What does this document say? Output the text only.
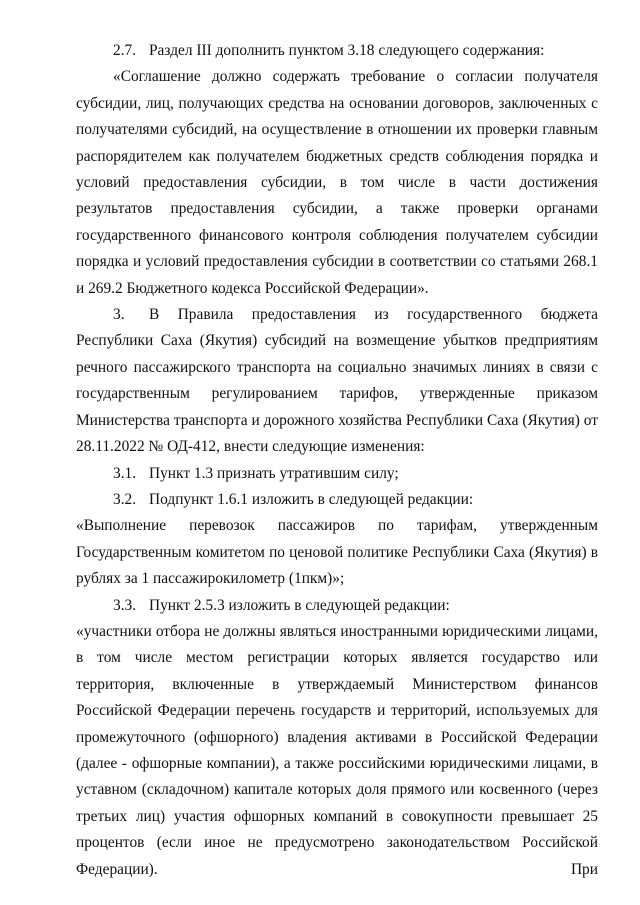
2.7. Раздел III дополнить пунктом 3.18 следующего содержания:

«Соглашение должно содержать требование о согласии получателя субсидии, лиц, получающих средства на основании договоров, заключенных с получателями субсидий, на осуществление в отношении их проверки главным распорядителем как получателем бюджетных средств соблюдения порядка и условий предоставления субсидии, в том числе в части достижения результатов предоставления субсидии, а также проверки органами государственного финансового контроля соблюдения получателем субсидии порядка и условий предоставления субсидии в соответствии со статьями 268.1 и 269.2 Бюджетного кодекса Российской Федерации».

3. В Правила предоставления из государственного бюджета Республики Саха (Якутия) субсидий на возмещение убытков предприятиям речного пассажирского транспорта на социально значимых линиях в связи с государственным регулированием тарифов, утвержденные приказом Министерства транспорта и дорожного хозяйства Республики Саха (Якутия) от 28.11.2022 № ОД-412, внести следующие изменения:

3.1. Пункт 1.3 признать утратившим силу;

3.2. Подпункт 1.6.1 изложить в следующей редакции:

«Выполнение перевозок пассажиров по тарифам, утвержденным Государственным комитетом по ценовой политике Республики Саха (Якутия) в рублях за 1 пассажирокилометр (1пкм)»;

3.3. Пункт 2.5.3 изложить в следующей редакции:

«участники отбора не должны являться иностранными юридическими лицами, в том числе местом регистрации которых является государство или территория, включенные в утверждаемый Министерством финансов Российской Федерации перечень государств и территорий, используемых для промежуточного (офшорного) владения активами в Российской Федерации (далее - офшорные компании), а также российскими юридическими лицами, в уставном (складочном) капитале которых доля прямого или косвенного (через третьих лиц) участия офшорных компаний в совокупности превышает 25 процентов (если иное не предусмотрено законодательством Российской Федерации). При
